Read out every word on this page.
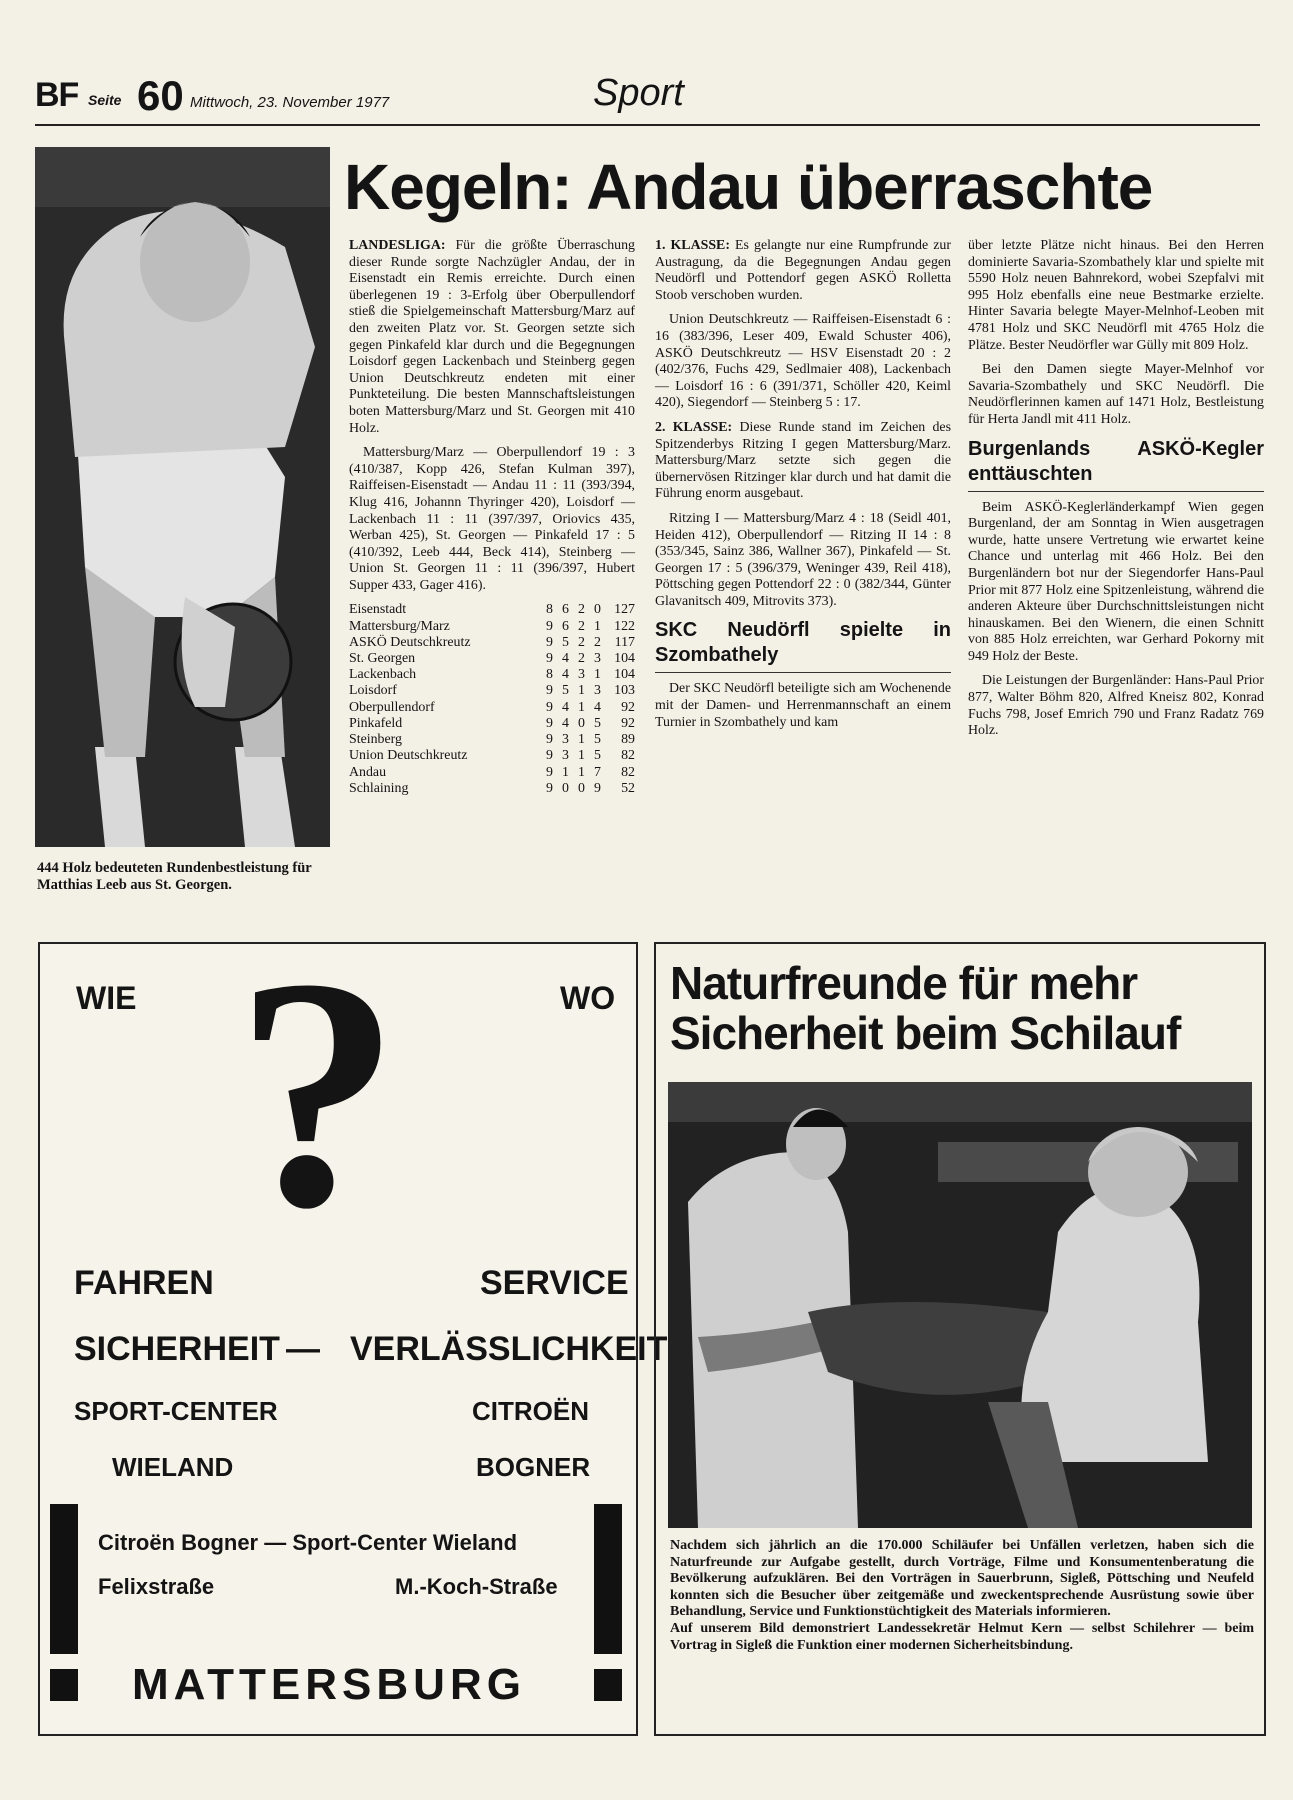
BF Seite 60 Mittwoch, 23. November 1977	Sport
444 Holz bedeuteten Rundenbestleistung für Matthias Leeb aus St. Georgen.
Kegeln: Andau überraschte

LANDESLIGA: Für die größte Überraschung dieser Runde sorgte Nachzügler Andau, der in Eisenstadt ein Remis erreichte. Durch einen überlegenen 19 : 3-Erfolg über Oberpullendorf stieß die Spielgemeinschaft Mattersburg/Marz auf den zweiten Platz vor. St. Georgen setzte sich gegen Pinkafeld klar durch und die Begegnungen Loisdorf gegen Lackenbach und Steinberg gegen Union Deutschkreutz endeten mit einer Punkteteilung. Die besten Mannschaftsleistungen boten Mattersburg/Marz und St. Georgen mit 410 Holz.

Mattersburg/Marz — Oberpullendorf 19 : 3 (410/387, Kopp 426, Stefan Kulman 397), Raiffeisen-Eisenstadt — Andau 11 : 11 (393/394, Klug 416, Johannn Thyringer 420), Loisdorf — Lackenbach 11 : 11 (397/397, Oriovics 435, Werban 425), St. Georgen — Pinkafeld 17 : 5 (410/392, Leeb 444, Beck 414), Steinberg — Union St. Georgen 11 : 11 (396/397, Hubert Supper 433, Gager 416).

Eisenstadt	8	6	2	0	127
Mattersburg/Marz	9	6	2	1	122
ASKÖ Deutschkreutz	9	5	2	2	117
St. Georgen	9	4	2	3	104
Lackenbach	8	4	3	1	104
Loisdorf	9	5	1	3	103
Oberpullendorf	9	4	1	4	92
Pinkafeld	9	4	0	5	92
Steinberg	9	3	1	5	89
Union Deutschkreutz	9	3	1	5	82
Andau	9	1	1	7	82
Schlaining	9	0	0	9	52

1. KLASSE: Es gelangte nur eine Rumpfrunde zur Austragung, da die Begegnungen Andau gegen Neudörfl und Pottendorf gegen ASKÖ Rolletta Stoob verschoben wurden.

Union Deutschkreutz — Raiffeisen-Eisenstadt 6 : 16 (383/396, Leser 409, Ewald Schuster 406), ASKÖ Deutschkreutz — HSV Eisenstadt 20 : 2 (402/376, Fuchs 429, Sedlmaier 408), Lackenbach — Loisdorf 16 : 6 (391/371, Schöller 420, Keiml 420), Siegendorf — Steinberg 5 : 17.

2. KLASSE: Diese Runde stand im Zeichen des Spitzenderbys Ritzing I gegen Mattersburg/Marz. Mattersburg/Marz setzte sich gegen die übernervösen Ritzinger klar durch und hat damit die Führung enorm ausgebaut.

Ritzing I — Mattersburg/Marz 4 : 18 (Seidl 401, Heiden 412), Oberpullendorf — Ritzing II 14 : 8 (353/345, Sainz 386, Wallner 367), Pinkafeld — St. Georgen 17 : 5 (396/379, Weninger 439, Reil 418), Pöttsching gegen Pottendorf 22 : 0 (382/344, Günter Glavanitsch 409, Mitrovits 373).

SKC Neudörfl spielte in Szombathely

Der SKC Neudörfl beteiligte sich am Wochenende mit der Damen- und Herrenmannschaft an einem Turnier in Szombathely und kam

über letzte Plätze nicht hinaus. Bei den Herren dominierte Savaria-Szombathely klar und spielte mit 5590 Holz neuen Bahnrekord, wobei Szepfalvi mit 995 Holz ebenfalls eine neue Bestmarke erzielte. Hinter Savaria belegte Mayer-Melnhof-Leoben mit 4781 Holz und SKC Neudörfl mit 4765 Holz die Plätze. Bester Neudörfler war Gülly mit 809 Holz.

Bei den Damen siegte Mayer-Melnhof vor Savaria-Szombathely und SKC Neudörfl. Die Neudörflerinnen kamen auf 1471 Holz, Bestleistung für Herta Jandl mit 411 Holz.

Burgenlands ASKÖ-Kegler enttäuschten

Beim ASKÖ-Keglerländerkampf Wien gegen Burgenland, der am Sonntag in Wien ausgetragen wurde, hatte unsere Vertretung wie erwartet keine Chance und unterlag mit 466 Holz. Bei den Burgenländern bot nur der Siegendorfer Hans-Paul Prior mit 877 Holz eine Spitzenleistung, während die anderen Akteure über Durchschnittsleistungen nicht hinauskamen. Bei den Wienern, die einen Schnitt von 885 Holz erreichten, war Gerhard Pokorny mit 949 Holz der Beste.

Die Leistungen der Burgenländer: Hans-Paul Prior 877, Walter Böhm 820, Alfred Kneisz 802, Konrad Fuchs 798, Josef Emrich 790 und Franz Radatz 769 Holz.

WIE	WO
?
FAHREN	SERVICE
SICHERHEIT — VERLÄSSLICHKEIT
SPORT-CENTER	CITROËN
WIELAND	BOGNER
Citroën Bogner — Sport-Center Wieland
Felixstraße	M.-Koch-Straße
MATTERSBURG
Naturfreunde für mehr
Sicherheit beim Schilauf
Nachdem sich jährlich an die 170.000 Schiläufer bei Unfällen verletzen, haben sich die Naturfreunde zur Aufgabe gestellt, durch Vorträge, Filme und Konsumentenberatung die Bevölkerung aufzuklären. Bei den Vorträgen in Sauerbrunn, Sigleß, Pöttsching und Neufeld konnten sich die Besucher über zeitgemäße und zweckentsprechende Ausrüstung sowie über Behandlung, Service und Funktionstüchtigkeit des Materials informieren.
Auf unserem Bild demonstriert Landessekretär Helmut Kern — selbst Schilehrer — beim Vortrag in Sigleß die Funktion einer modernen Sicherheitsbindung.
